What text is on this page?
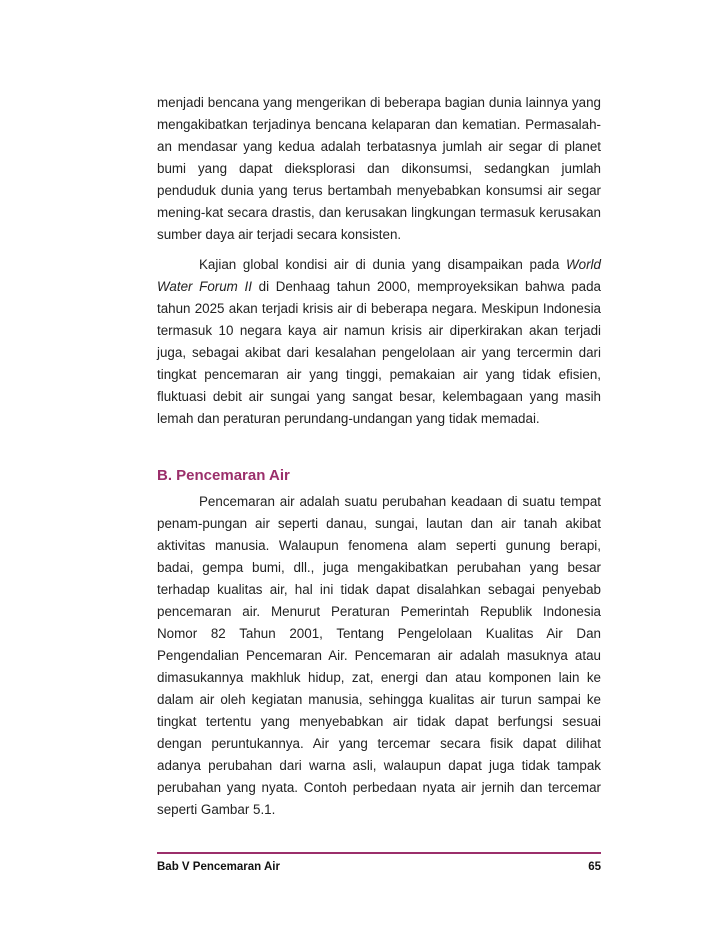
menjadi bencana yang mengerikan di beberapa bagian dunia lainnya yang

mengakibatkan terjadinya bencana kelaparan dan kematian. Permasalah-

an mendasar yang kedua adalah terbatasnya jumlah air segar di planet

bumi yang dapat dieksplorasi dan dikonsumsi, sedangkan jumlah

penduduk dunia yang terus bertambah menyebabkan konsumsi air segar

mening-kat secara drastis, dan kerusakan lingkungan termasuk kerusakan

sumber daya air terjadi secara konsisten.

Kajian global kondisi air di dunia yang disampaikan pada World

Water Forum II di Denhaag tahun 2000, memproyeksikan bahwa pada

tahun 2025 akan terjadi krisis air di beberapa negara. Meskipun Indonesia

termasuk 10 negara kaya air namun krisis air diperkirakan akan terjadi

juga, sebagai akibat dari kesalahan pengelolaan air yang tercermin dari

tingkat pencemaran air yang tinggi, pemakaian air yang tidak efisien,

fluktuasi debit air sungai yang sangat besar, kelembagaan yang masih

lemah dan peraturan perundang-undangan yang tidak memadai.

B. Pencemaran Air

Pencemaran air adalah suatu perubahan keadaan di suatu tempat

penam-pungan air seperti danau, sungai, lautan dan air tanah akibat

aktivitas manusia. Walaupun fenomena alam seperti gunung berapi,

badai, gempa bumi, dll., juga mengakibatkan perubahan yang besar

terhadap kualitas air, hal ini tidak dapat disalahkan sebagai penyebab

pencemaran air. Menurut Peraturan Pemerintah Republik Indonesia

Nomor 82 Tahun 2001, Tentang Pengelolaan Kualitas Air Dan

Pengendalian Pencemaran Air. Pencemaran air adalah masuknya atau

dimasukannya makhluk hidup, zat, energi dan atau komponen lain ke

dalam air oleh kegiatan manusia, sehingga kualitas air turun sampai ke

tingkat tertentu yang menyebabkan air tidak dapat berfungsi sesuai

dengan peruntukannya. Air yang tercemar secara fisik dapat dilihat

adanya perubahan dari warna asli, walaupun dapat juga tidak tampak

perubahan yang nyata. Contoh perbedaan nyata air jernih dan tercemar

seperti Gambar 5.1.

Bab V Pencemaran Air	65
